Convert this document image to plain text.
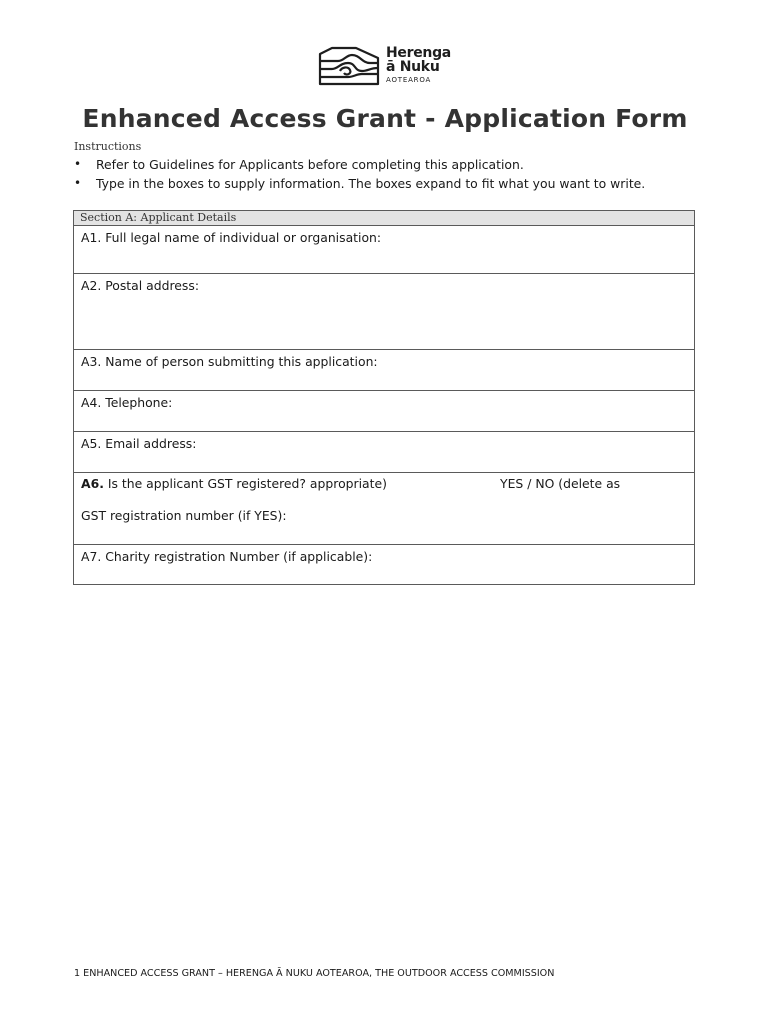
Herenga
ā Nuku
AOTEAROA
Enhanced Access Grant - Application Form
Instructions
• Refer to Guidelines for Applicants before completing this application.
• Type in the boxes to supply information. The boxes expand to fit what you want to write.
Section A: Applicant Details
A1. Full legal name of individual or organisation:
A2. Postal address:
A3. Name of person submitting this application:
A4. Telephone:
A5. Email address:
A6. Is the applicant GST registered? appropriate)	YES / NO (delete as
GST registration number (if YES):
A7. Charity registration Number (if applicable):
1 ENHANCED ACCESS GRANT – HERENGA Ā NUKU AOTEAROA, THE OUTDOOR ACCESS COMMISSION
